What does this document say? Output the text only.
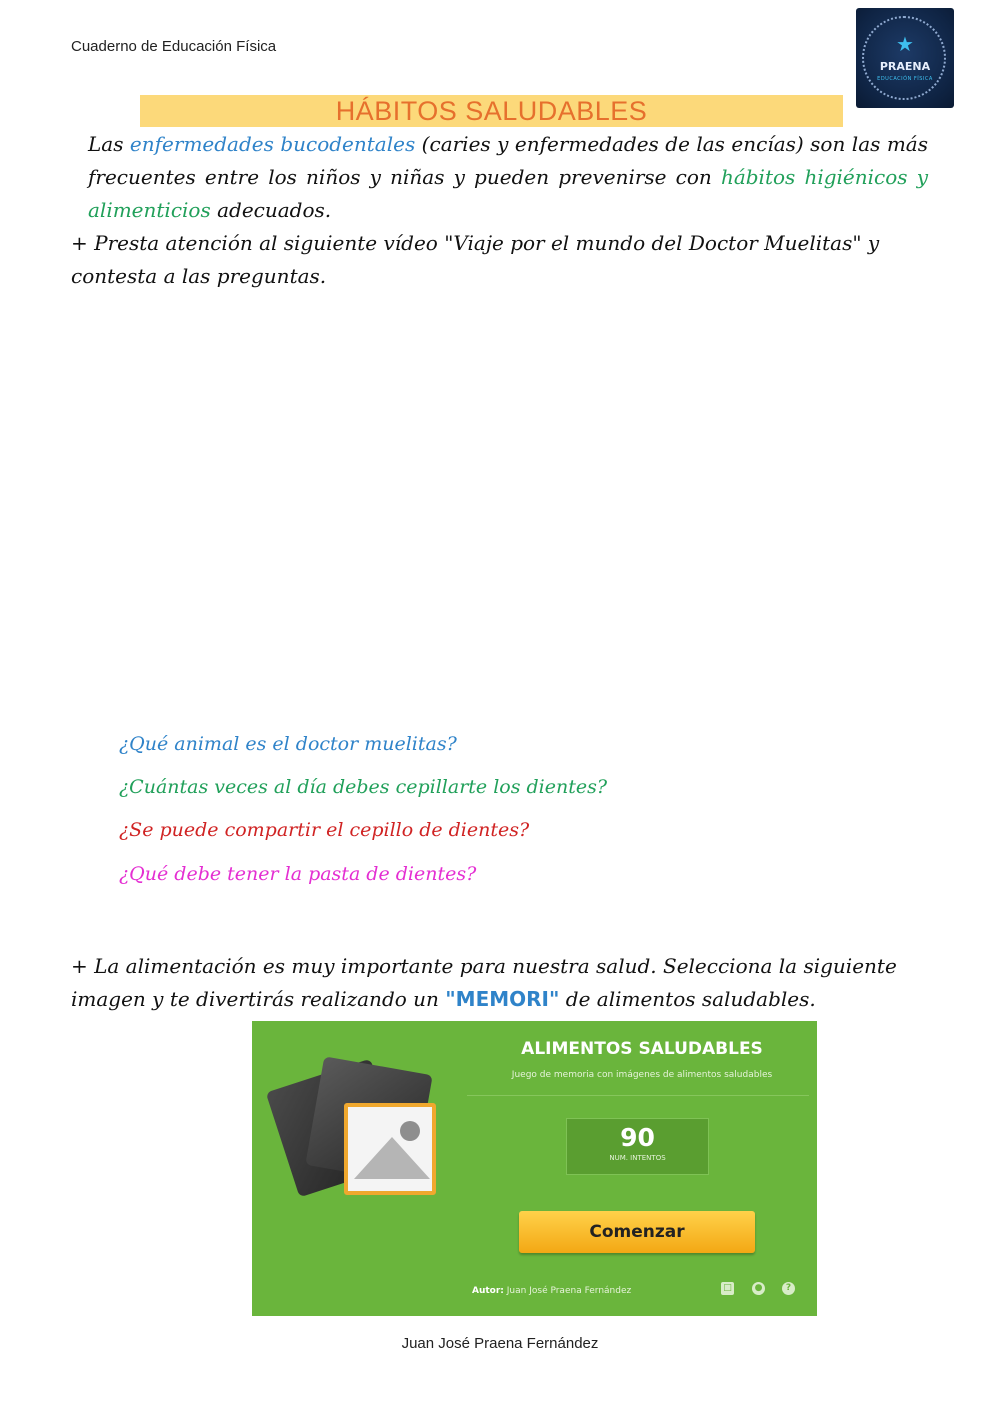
Cuaderno de Educación Física	★
PRAENA
EDUCACIÓN FÍSICA
HÁBITOS SALUDABLES
Las enfermedades bucodentales (caries y enfermedades de las encías) son las más frecuentes entre los niños y niñas y pueden prevenirse con hábitos higiénicos y alimenticios adecuados.
+ Presta atención al siguiente vídeo "Viaje por el mundo del Doctor Muelitas" y contesta a las preguntas.
¿Qué animal es el doctor muelitas?
¿Cuántas veces al día debes cepillarte los dientes?
¿Se puede compartir el cepillo de dientes?
¿Qué debe tener la pasta de dientes?
+ La alimentación es muy importante para nuestra salud. Selecciona la siguiente imagen y te divertirás realizando un "MEMORI" de alimentos saludables.
ALIMENTOS SALUDABLES
Juego de memoria con imágenes de alimentos saludables
90
NUM. INTENTOS
Comenzar
Autor: Juan José Praena Fernández	□	●	?
Juan José Praena Fernández
